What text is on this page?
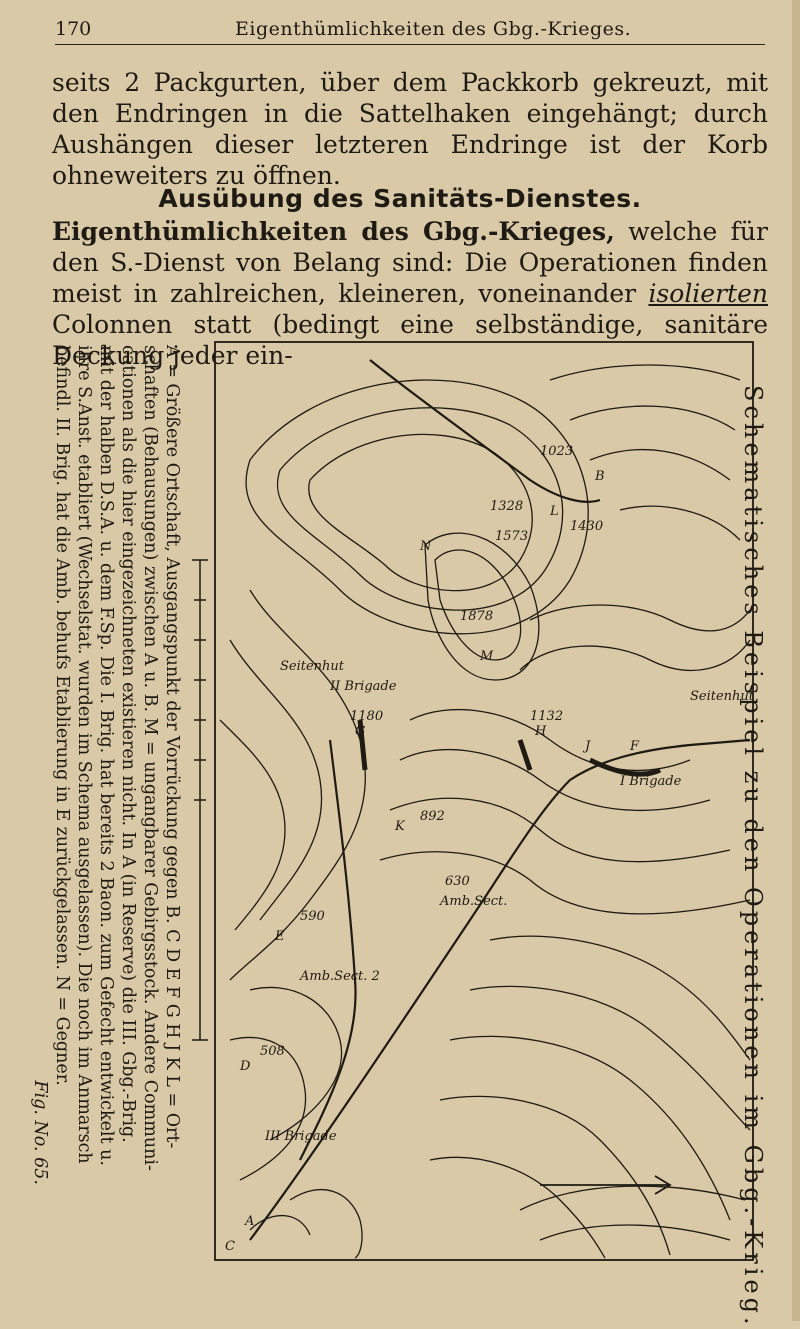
170	Eigenthümlichkeiten des Gbg.-Krieges.
seits 2 Packgurten, über dem Packkorb gekreuzt, mit den Endringen in die Sattelhaken eingehängt; durch Aushängen dieser letzteren Endringe ist der Korb ohneweiters zu öffnen.
Ausübung des Sanitäts-Dienstes.
Eigenthümlichkeiten des Gbg.-Krieges, welche für den S.-Dienst von Belang sind: Die Operationen finden meist in zahlreichen, kleineren, voneinander isolierten Colonnen statt (bedingt eine selbständige, sanitäre Deckung jeder ein-
1023
B
1430
L
1328
1573
N
1878
M
Seitenhut
1132
H
J
I Brigade
F
1180
G
II Brigade
Seitenhut
892
K
630
Amb.Sect.
590
E
Amb.Sect. 2
508
D
III Brigade
A
C	Schematisches Beispiel zu den Operationen im Gbg.-Krieg.
A = Größere Ortschaft, Ausgangspunkt der Vorrückung gegen B. C D E F G H J K L = Ort-
schaften (Behausungen) zwischen A u. B. M = ungangbarer Gebirgsstock. Andere Communi-
cationen als die hier eingezeichneten existieren nicht. In A (in Reserve) die III. Gbg.-Brig.
mit der halben D.S.A. u. dem F.Sp. Die I. Brig. hat bereits 2 Baon. zum Gefecht entwickelt u.
ihre S.Anst. etabliert (Wechselstat. wurden im Schema ausgelassen). Die noch im Anmarsch
befindl. II. Brig. hat die Amb. behufs Etablierung in E zurückgelassen. N = Gegner.
Fig. No. 65.
